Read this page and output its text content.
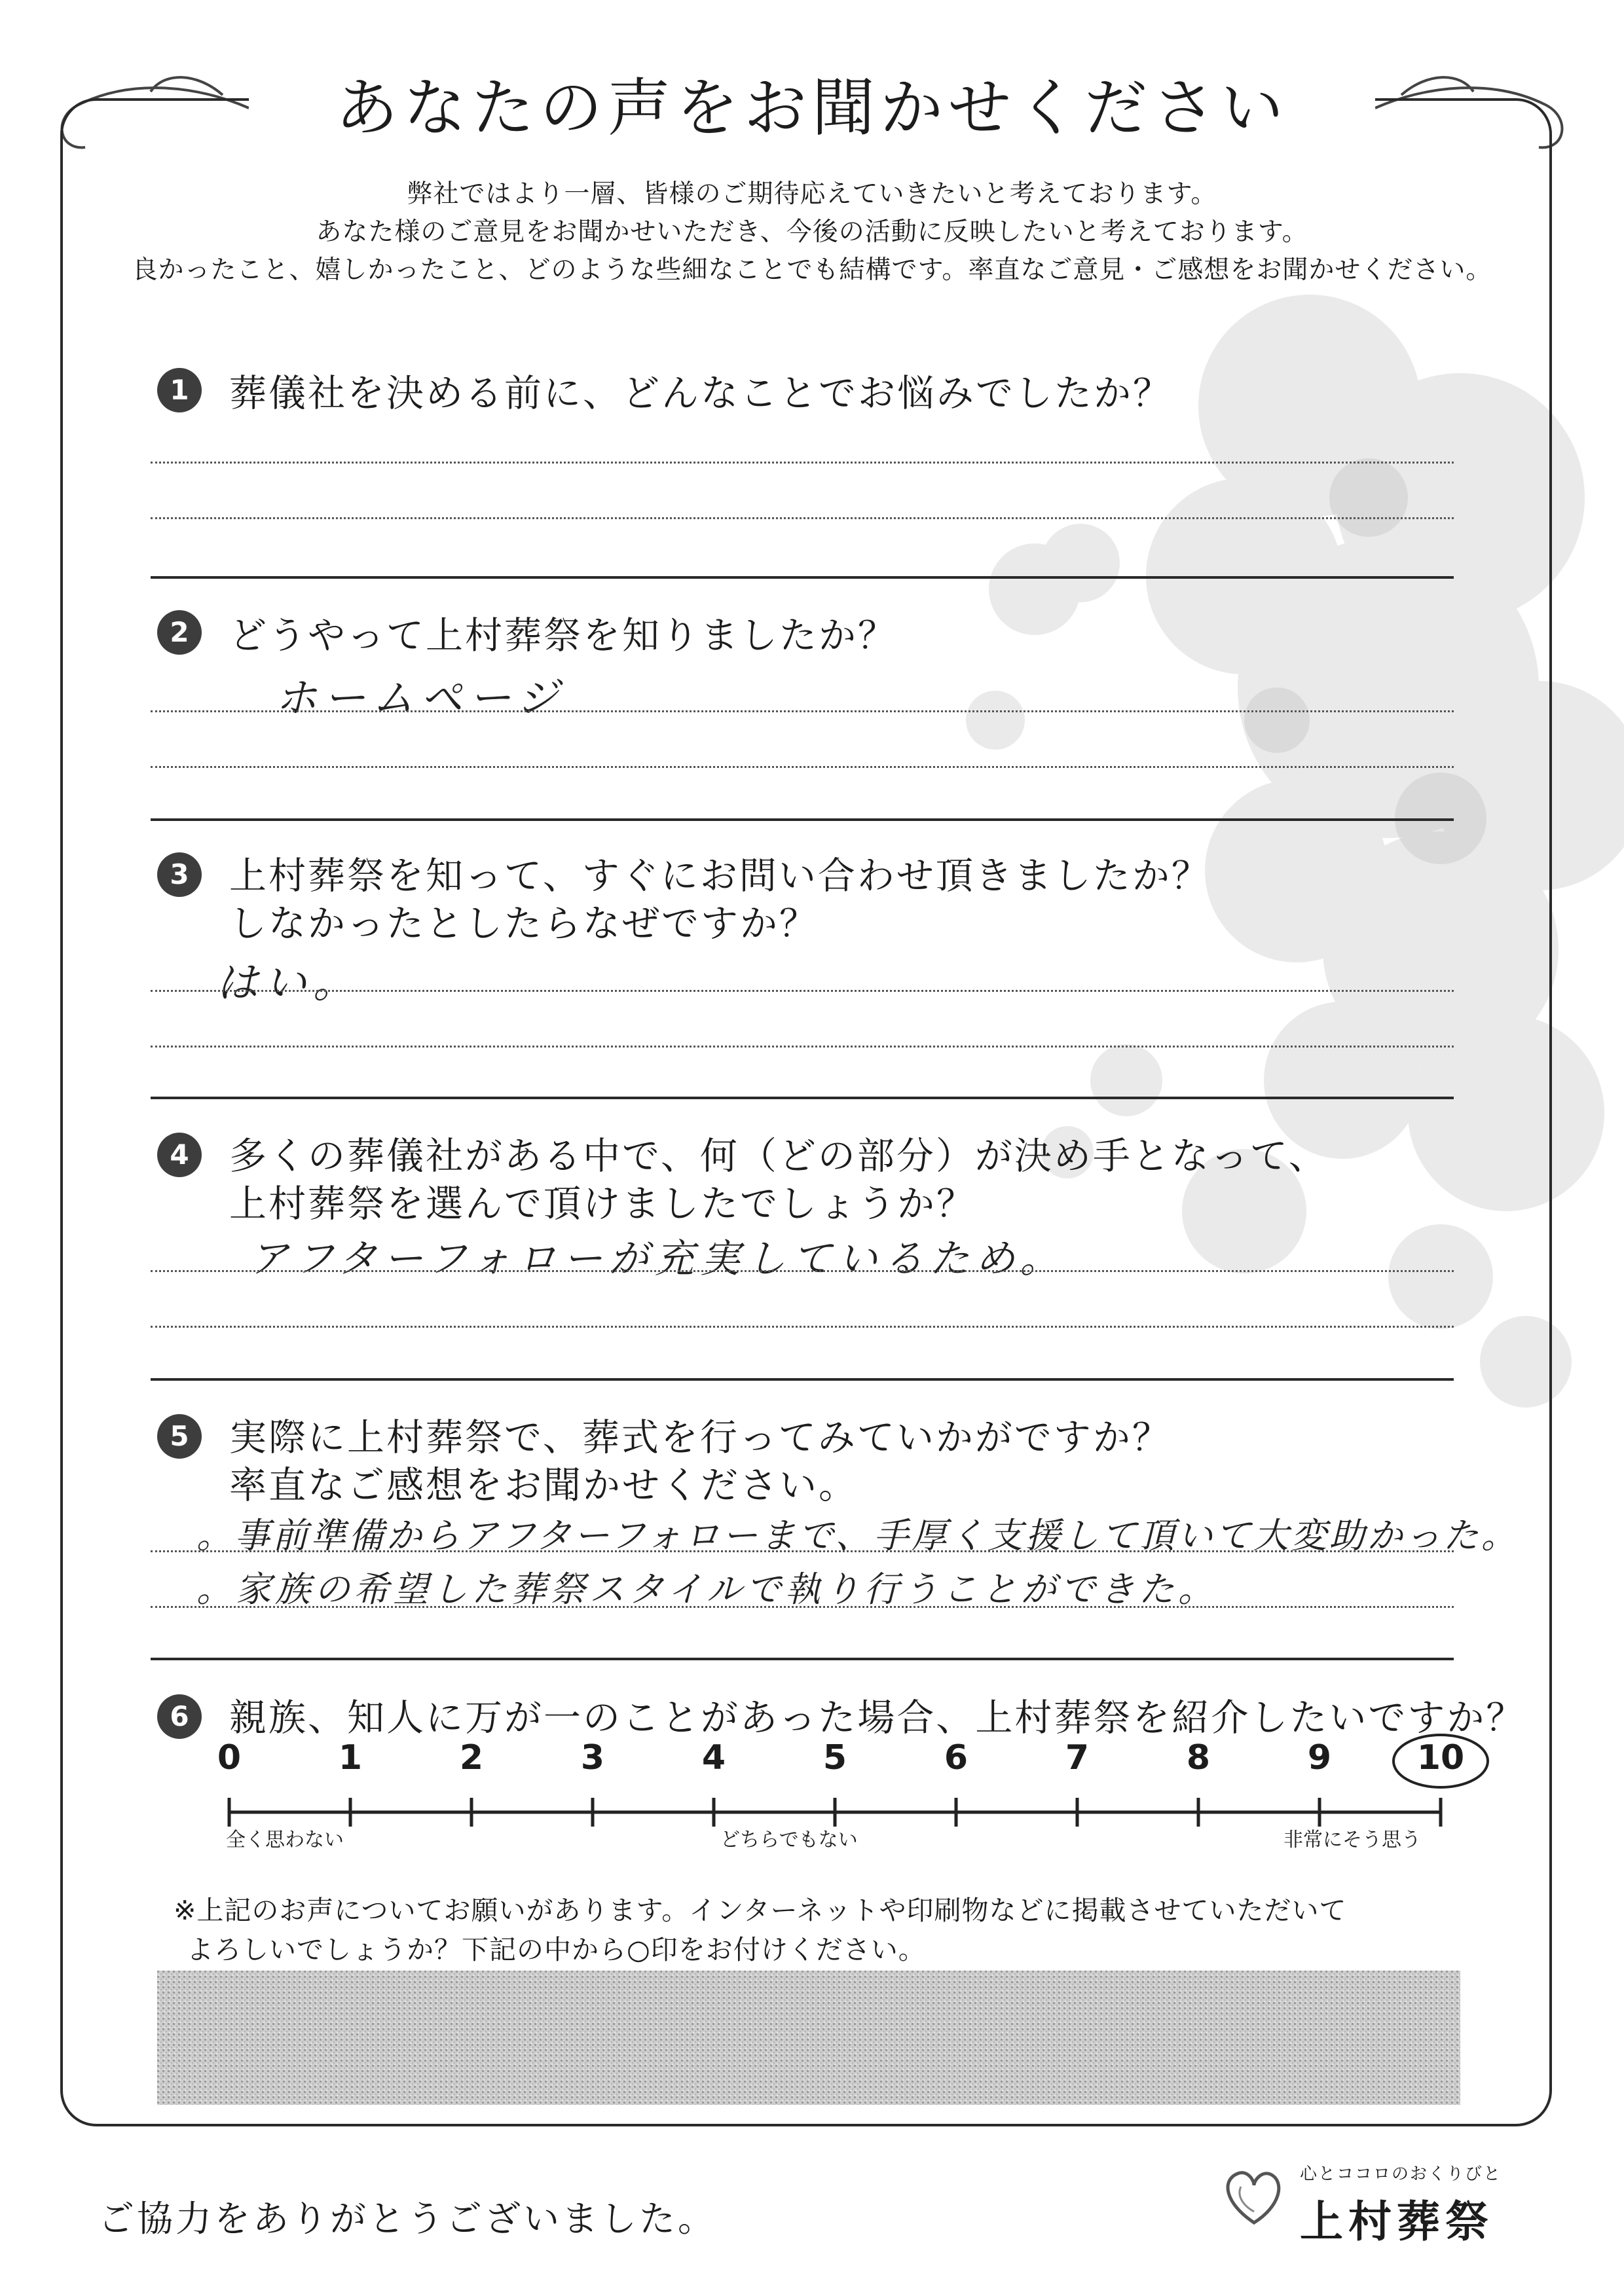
あなたの声をお聞かせください
弊社ではより一層、皆様のご期待応えていきたいと考えております。
あなた様のご意見をお聞かせいただき、今後の活動に反映したいと考えております。
良かったこと、嬉しかったこと、どのような些細なことでも結構です。率直なご意見・ご感想をお聞かせください。
1	葬儀社を決める前に、どんなことでお悩みでしたか？
2	どうやって上村葬祭を知りましたか？
ホームページ
3	上村葬祭を知って、すぐにお問い合わせ頂きましたか？
しなかったとしたらなぜですか？
はい。
4	多くの葬儀社がある中で、何（どの部分）が決め手となって、
上村葬祭を選んで頂けましたでしょうか？
アフターフォローが充実しているため。
5	実際に上村葬祭で、葬式を行ってみていかがですか？
率直なご感想をお聞かせください。
。事前準備からアフターフォローまで、手厚く支援して頂いて大変助かった。
。家族の希望した葬祭スタイルで執り行うことができた。
6	親族、知人に万が一のことがあった場合、上村葬祭を紹介したいですか？
0	1	2	3	4	5	6	7	8	9	10
全く思わない	どちらでもない	非常にそう思う
※上記のお声についてお願いがあります。インターネットや印刷物などに掲載させていただいて
よろしいでしょうか？下記の中から○印をお付けください。
ご協力をありがとうございました。
心とココロのおくりびと
上村葬祭
